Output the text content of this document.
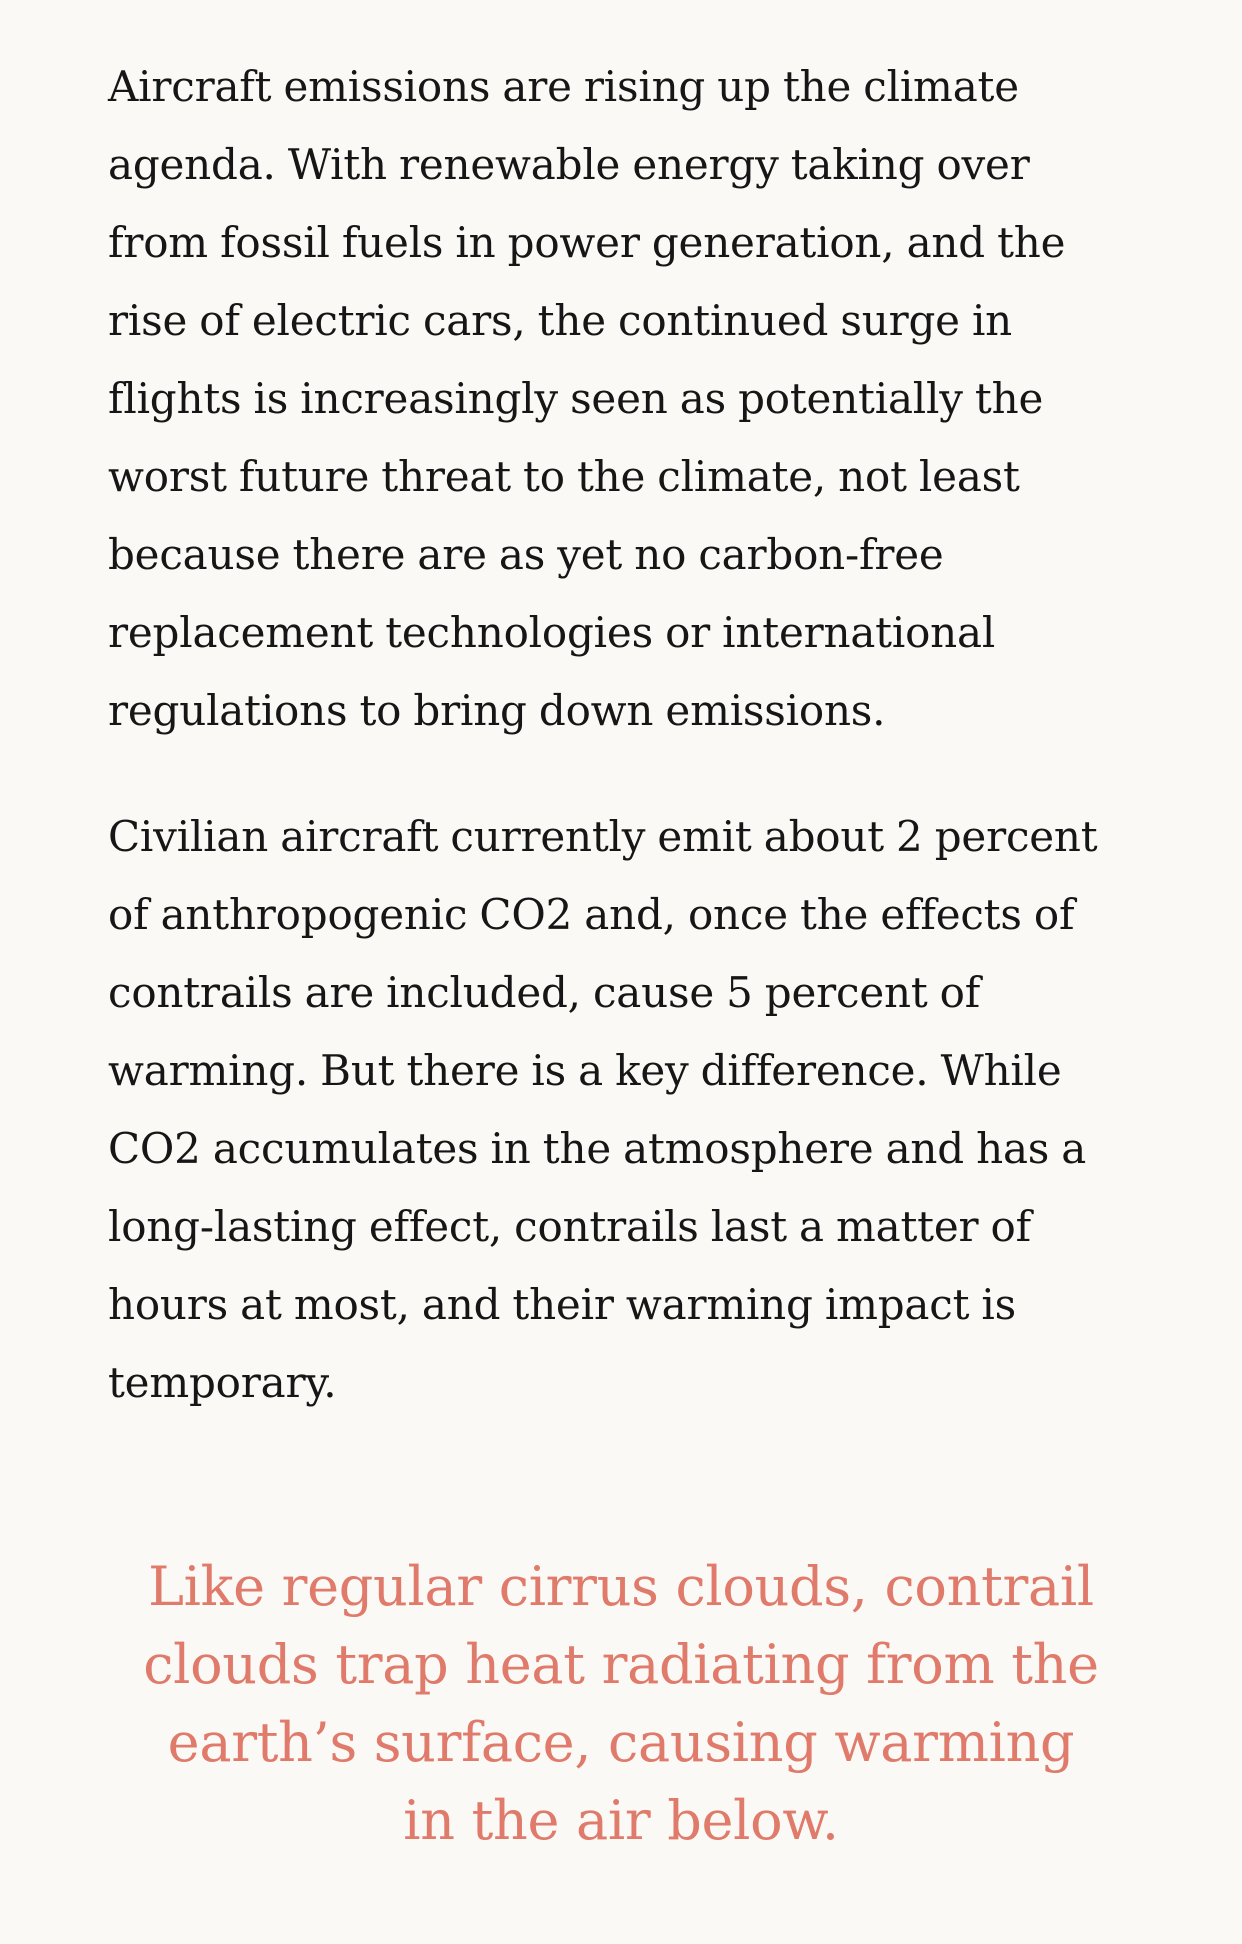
Aircraft emissions are rising up the climate agenda. With renewable energy taking over from fossil fuels in power generation, and the rise of electric cars, the continued surge in flights is increasingly seen as potentially the worst future threat to the climate, not least because there are as yet no carbon-free replacement technologies or international regulations to bring down emissions.

Civilian aircraft currently emit about 2 percent of anthropogenic CO2 and, once the effects of contrails are included, cause 5 percent of warming. But there is a key difference. While CO2 accumulates in the atmosphere and has a long-lasting effect, contrails last a matter of hours at most, and their warming impact is temporary.

Like regular cirrus clouds, contrail clouds trap heat radiating from the earth’s surface, causing warming in the air below.
